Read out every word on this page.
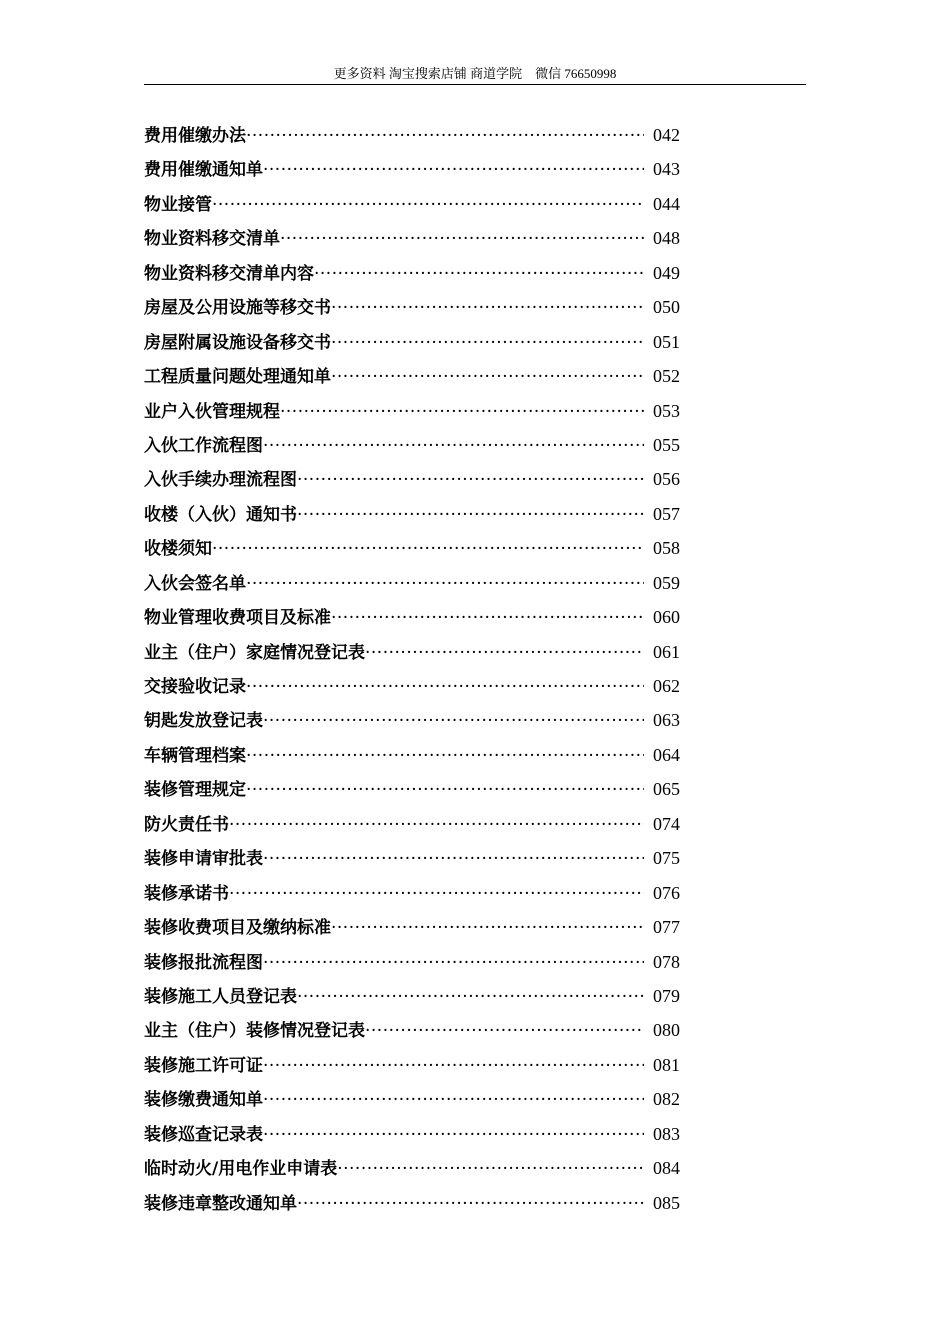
更多资料 淘宝搜索店铺 商道学院    微信 76650998
费用催缴办法 ·····	042
费用催缴通知单 ·····	043
物业接管 ·····	044
物业资料移交清单 ·····	048
物业资料移交清单内容 ·····	049
房屋及公用设施等移交书 ·····	050
房屋附属设施设备移交书 ·····	051
工程质量问题处理通知单 ·····	052
业户入伙管理规程 ·····	053
入伙工作流程图 ·····	055
入伙手续办理流程图 ·····	056
收楼（入伙）通知书 ·····	057
收楼须知 ·····	058
入伙会签名单 ·····	059
物业管理收费项目及标准 ·····	060
业主（住户）家庭情况登记表 ·····	061
交接验收记录 ·····	062
钥匙发放登记表 ·····	063
车辆管理档案 ·····	064
装修管理规定 ·····	065
防火责任书 ·····	074
装修申请审批表 ·····	075
装修承诺书 ·····	076
装修收费项目及缴纳标准 ·····	077
装修报批流程图 ·····	078
装修施工人员登记表 ·····	079
业主（住户）装修情况登记表 ·····	080
装修施工许可证 ·····	081
装修缴费通知单 ·····	082
装修巡查记录表 ·····	083
临时动火/用电作业申请表 ·····	084
装修违章整改通知单 ·····	085
